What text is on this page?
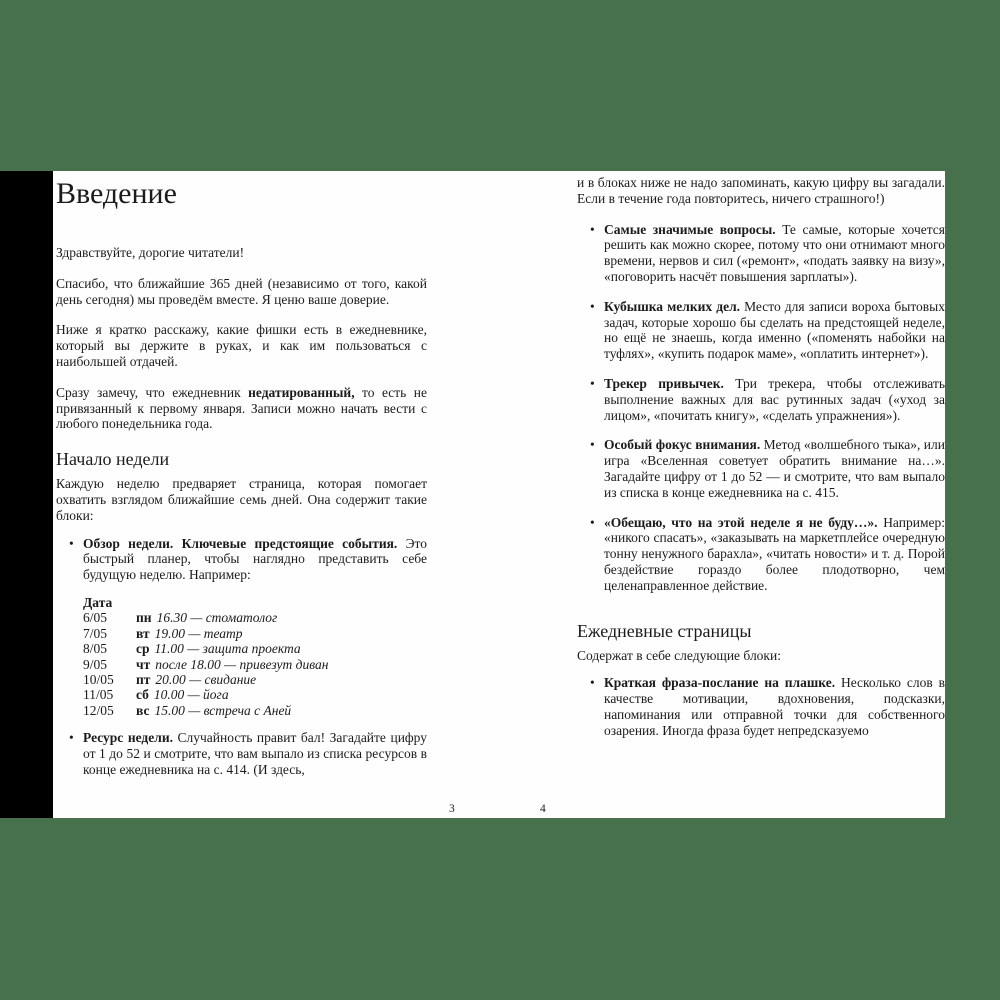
Введение

Здравствуйте, дорогие читатели!

Спасибо, что ближайшие 365 дней (независимо от того, какой день сегодня) мы проведём вместе. Я ценю ваше доверие.

Ниже я кратко расскажу, какие фишки есть в ежедневнике, который вы держите в руках, и как им пользоваться с наибольшей отдачей.

Сразу замечу, что ежедневник недатированный, то есть не привязанный к первому января. Записи можно начать вести с любого понедельника года.

Начало недели

Каждую неделю предваряет страница, которая помогает охватить взглядом ближайшие семь дней. Она содержит такие блоки:

• Обзор недели. Ключевые предстоящие события. Это быстрый планер, чтобы наглядно представить себе будущую неделю. Например:
Дата
6/05	пн 16.30 — стоматолог
7/05	вт 19.00 — театр
8/05	ср 11.00 — защита проекта
9/05	чт после 18.00 — привезут диван
10/05	пт 20.00 — свидание
11/05	сб 10.00 — йога
12/05	вс 15.00 — встреча с Аней
• Ресурс недели. Случайность правит бал! Загадайте цифру от 1 до 52 и смотрите, что вам выпало из списка ресурсов в конце ежедневника на с. 414. (И здесь,

и в блоках ниже не надо запоминать, какую цифру вы загадали. Если в течение года повторитесь, ничего страшного!)

• Самые значимые вопросы. Те самые, которые хочется решить как можно скорее, потому что они отнимают много времени, нервов и сил («ремонт», «подать заявку на визу», «поговорить насчёт повышения зарплаты»).
• Кубышка мелких дел. Место для записи вороха бытовых задач, которые хорошо бы сделать на предстоящей неделе, но ещё не знаешь, когда именно («поменять набойки на туфлях», «купить подарок маме», «оплатить интернет»).
• Трекер привычек. Три трекера, чтобы отслеживать выполнение важных для вас рутинных задач («уход за лицом», «почитать книгу», «сделать упражнения»).
• Особый фокус внимания. Метод «волшебного тыка», или игра «Вселенная советует обратить внимание на…». Загадайте цифру от 1 до 52 — и смотрите, что вам выпало из списка в конце ежедневника на с. 415.
• «Обещаю, что на этой неделе я не буду…». Например: «никого спасать», «заказывать на маркетплейсе очередную тонну ненужного барахла», «читать новости» и т. д. Порой бездействие гораздо более плодотворно, чем целенаправленное действие.
Ежедневные страницы

Содержат в себе следующие блоки:

• Краткая фраза-послание на плашке. Несколько слов в качестве мотивации, вдохновения, подсказки, напоминания или отправной точки для собственного озарения. Иногда фраза будет непредсказуемо
3	4
